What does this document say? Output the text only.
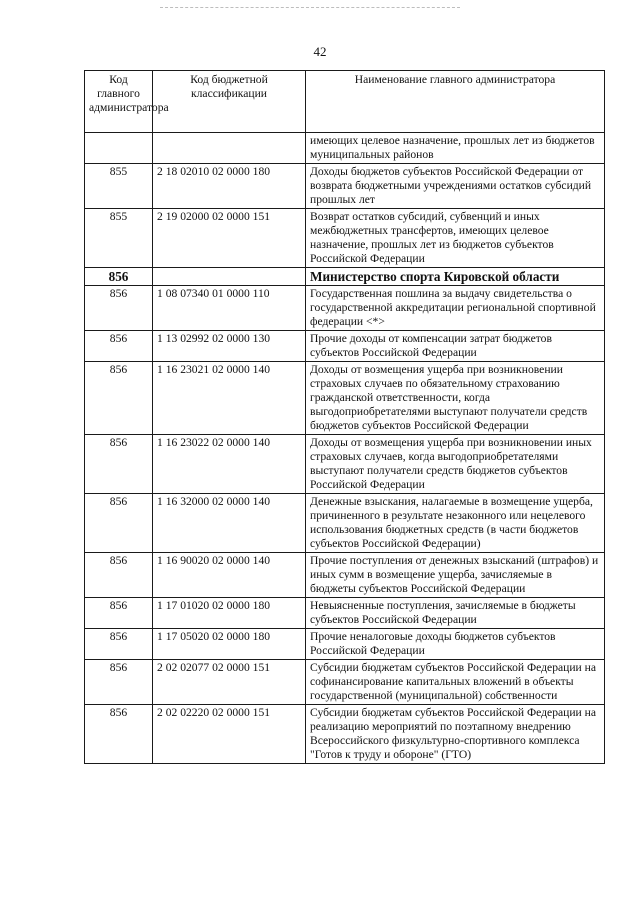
42
Код главного администратора	Код бюджетной классификации	Наименование главного администратора
		имеющих целевое назначение, прошлых лет из бюджетов муниципальных районов
855	2 18 02010 02 0000 180	Доходы бюджетов субъектов Российской Федерации от возврата бюджетными учреждениями остатков субсидий прошлых лет
855	2 19 02000 02 0000 151	Возврат остатков субсидий, субвенций и иных межбюджетных трансфертов, имеющих целевое назначение, прошлых лет из бюджетов субъектов Российской Федерации
856		Министерство спорта Кировской области
856	1 08 07340 01 0000 110	Государственная пошлина за выдачу свидетельства о государственной аккредитации региональной спортивной федерации <*>
856	1 13 02992 02 0000 130	Прочие доходы от компенсации затрат бюджетов субъектов Российской Федерации
856	1 16 23021 02 0000 140	Доходы от возмещения ущерба при возникновении страховых случаев по обязательному страхованию гражданской ответственности, когда выгодоприобретателями выступают получатели средств бюджетов субъектов Российской Федерации
856	1 16 23022 02 0000 140	Доходы от возмещения ущерба при возникновении иных страховых случаев, когда выгодоприобретателями выступают получатели средств бюджетов субъектов Российской Федерации
856	1 16 32000 02 0000 140	Денежные взыскания, налагаемые в возмещение ущерба, причиненного в результате незаконного или нецелевого использования бюджетных средств (в части бюджетов субъектов Российской Федерации)
856	1 16 90020 02 0000 140	Прочие поступления от денежных взысканий (штрафов) и иных сумм в возмещение ущерба, зачисляемые в бюджеты субъектов Российской Федерации
856	1 17 01020 02 0000 180	Невыясненные поступления, зачисляемые в бюджеты субъектов Российской Федерации
856	1 17 05020 02 0000 180	Прочие неналоговые доходы бюджетов субъектов Российской Федерации
856	2 02 02077 02 0000 151	Субсидии бюджетам субъектов Российской Федерации на софинансирование капитальных вложений в объекты государственной (муниципальной) собственности
856	2 02 02220 02 0000 151	Субсидии бюджетам субъектов Российской Федерации на реализацию мероприятий по поэтапному внедрению Всероссийского физкультурно-спортивного комплекса "Готов к труду и обороне" (ГТО)
